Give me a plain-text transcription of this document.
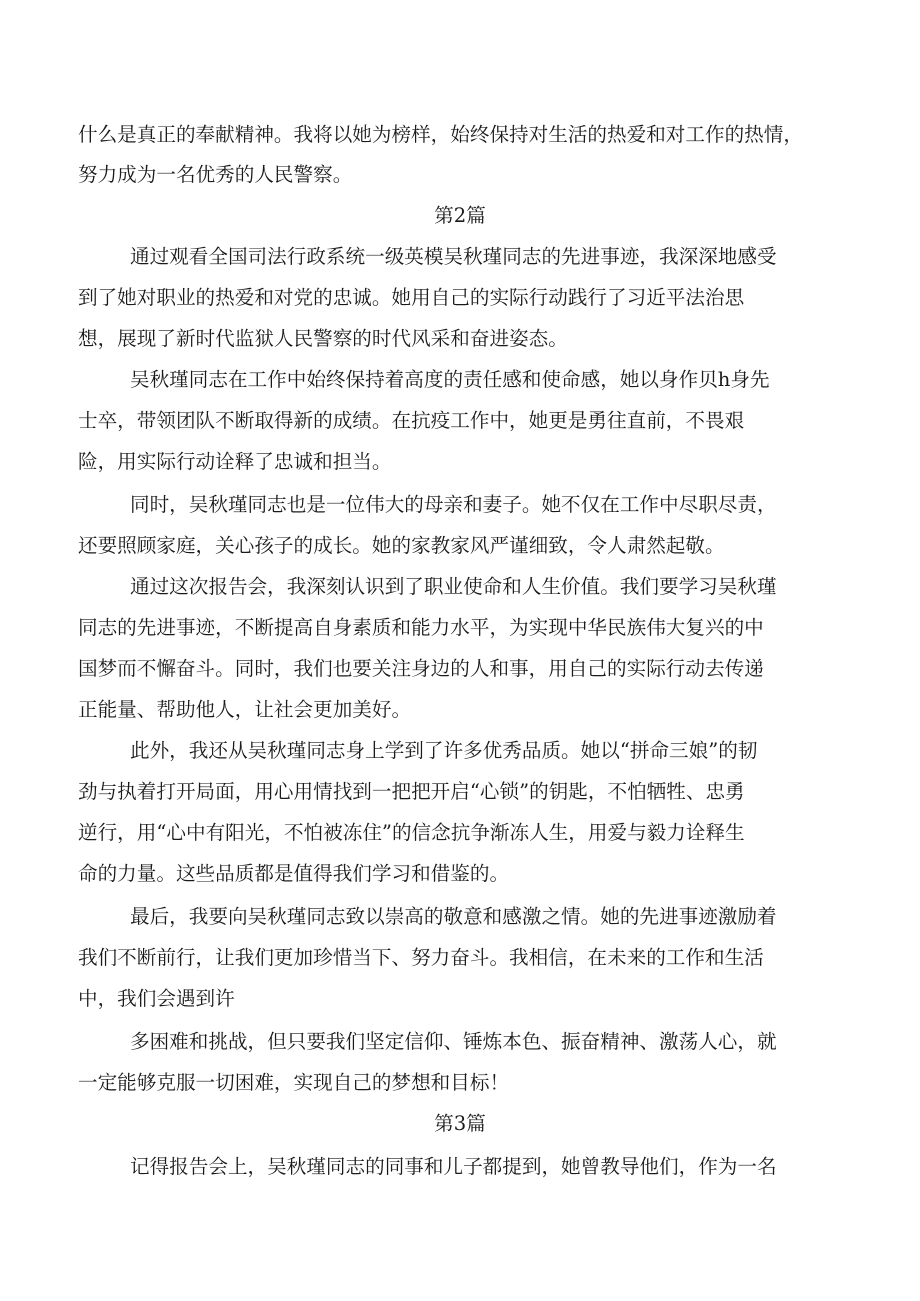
什么是真正的奉献精神。我将以她为榜样，始终保持对生活的热爱和对工作的热情，

努力成为一名优秀的人民警察。

第2篇

通过观看全国司法行政系统一级英模吴秋瑾同志的先进事迹，我深深地感受

到了她对职业的热爱和对党的忠诚。她用自己的实际行动践行了习近平法治思

想，展现了新时代监狱人民警察的时代风采和奋进姿态。

吴秋瑾同志在工作中始终保持着高度的责任感和使命感，她以身作贝h身先

士卒，带领团队不断取得新的成绩。在抗疫工作中，她更是勇往直前，不畏艰

险，用实际行动诠释了忠诚和担当。

同时，吴秋瑾同志也是一位伟大的母亲和妻子。她不仅在工作中尽职尽责，

还要照顾家庭，关心孩子的成长。她的家教家风严谨细致，令人肃然起敬。

通过这次报告会，我深刻认识到了职业使命和人生价值。我们要学习吴秋瑾

同志的先进事迹，不断提高自身素质和能力水平，为实现中华民族伟大复兴的中

国梦而不懈奋斗。同时，我们也要关注身边的人和事，用自己的实际行动去传递

正能量、帮助他人，让社会更加美好。

此外，我还从吴秋瑾同志身上学到了许多优秀品质。她以“拼命三娘”的韧

劲与执着打开局面，用心用情找到一把把开启“心锁”的钥匙，不怕牺牲、忠勇

逆行，用“心中有阳光，不怕被冻住”的信念抗争渐冻人生，用爱与毅力诠释生

命的力量。这些品质都是值得我们学习和借鉴的。

最后，我要向吴秋瑾同志致以崇高的敬意和感激之情。她的先进事迹激励着

我们不断前行，让我们更加珍惜当下、努力奋斗。我相信，在未来的工作和生活

中，我们会遇到许

多困难和挑战，但只要我们坚定信仰、锤炼本色、振奋精神、激荡人心，就

一定能够克服一切困难，实现自己的梦想和目标！

第3篇

记得报告会上，吴秋瑾同志的同事和儿子都提到，她曾教导他们，作为一名
